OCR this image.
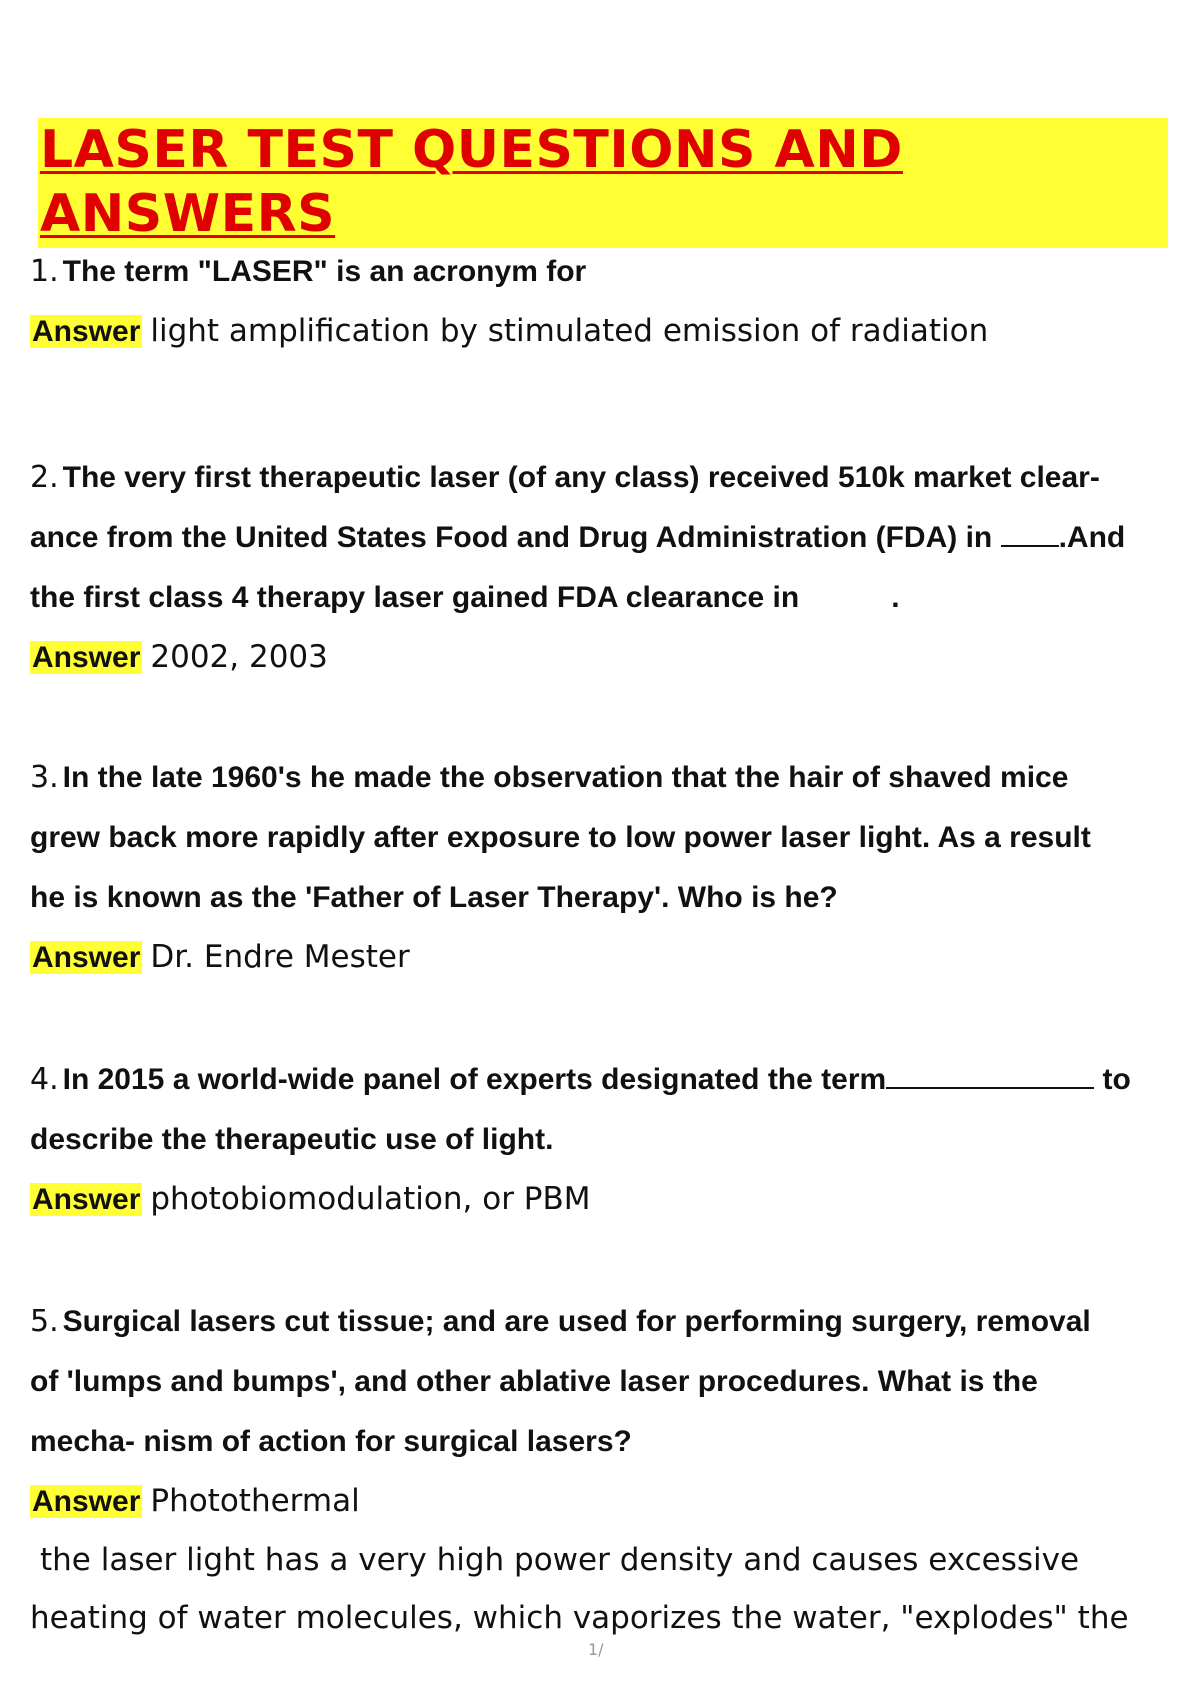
LASER TEST QUESTIONS AND ANSWERS

1. The term "LASER" is an acronym for

Answer light amplification by stimulated emission of radiation

2. The very first therapeutic laser (of any class) received 510k market clear-

ance from the United States Food and Drug Administration (FDA) in .And

the first class 4 therapy laser gained FDA clearance in	.

Answer 2002, 2003

3. In the late 1960's he made the observation that the hair of shaved mice

grew back more rapidly after exposure to low power laser light. As a result

he is known as the 'Father of Laser Therapy'. Who is he?

Answer Dr. Endre Mester

4. In 2015 a world-wide panel of experts designated the term	to

describe the therapeutic use of light.

Answer photobiomodulation, or PBM

5. Surgical lasers cut tissue; and are used for performing surgery, removal

of 'lumps and bumps', and other ablative laser procedures. What is the

mecha- nism of action for surgical lasers?

Answer Photothermal

the laser light has a very high power density and causes excessive

heating of water molecules, which vaporizes the water, "explodes" the

1/
